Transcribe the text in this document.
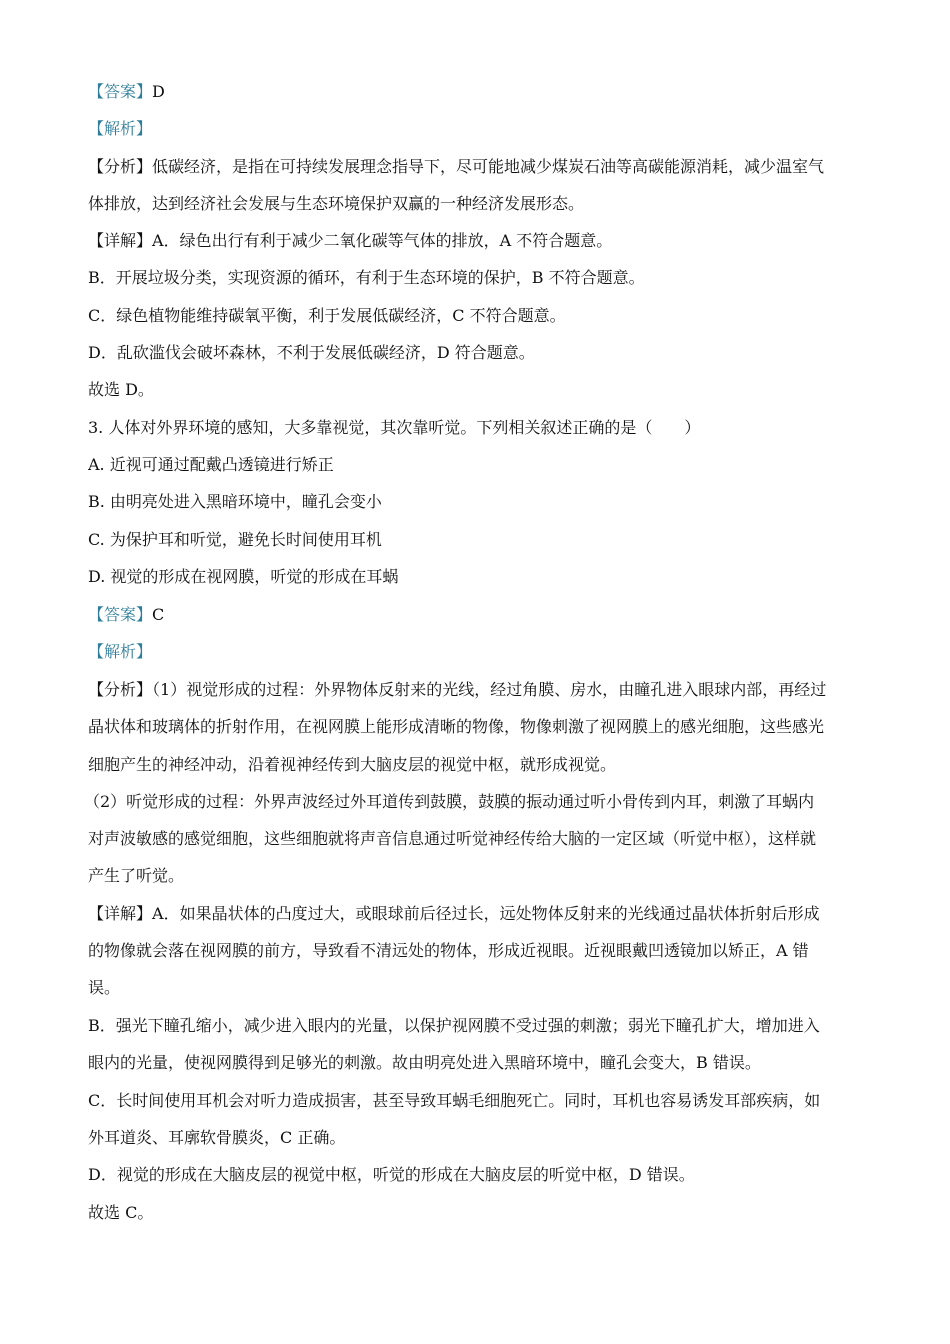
【答案】D
【解析】
【分析】低碳经济，是指在可持续发展理念指导下，尽可能地减少煤炭石油等高碳能源消耗，减少温室气
体排放，达到经济社会发展与生态环境保护双赢的一种经济发展形态。
【详解】A．绿色出行有利于减少二氧化碳等气体的排放，A 不符合题意。
B．开展垃圾分类，实现资源的循环，有利于生态环境的保护，B 不符合题意。
C．绿色植物能维持碳氧平衡，利于发展低碳经济，C 不符合题意。
D．乱砍滥伐会破坏森林，不利于发展低碳经济，D 符合题意。
故选 D。
3. 人体对外界环境的感知，大多靠视觉，其次靠听觉。下列相关叙述正确的是（　　）
A. 近视可通过配戴凸透镜进行矫正
B. 由明亮处进入黑暗环境中，瞳孔会变小
C. 为保护耳和听觉，避免长时间使用耳机
D. 视觉的形成在视网膜，听觉的形成在耳蜗
【答案】C
【解析】
【分析】（1）视觉形成的过程：外界物体反射来的光线，经过角膜、房水，由瞳孔进入眼球内部，再经过
晶状体和玻璃体的折射作用，在视网膜上能形成清晰的物像，物像刺激了视网膜上的感光细胞，这些感光
细胞产生的神经冲动，沿着视神经传到大脑皮层的视觉中枢，就形成视觉。
（2）听觉形成的过程：外界声波经过外耳道传到鼓膜，鼓膜的振动通过听小骨传到内耳，刺激了耳蜗内
对声波敏感的感觉细胞，这些细胞就将声音信息通过听觉神经传给大脑的一定区域（听觉中枢），这样就
产生了听觉。
【详解】A．如果晶状体的凸度过大，或眼球前后径过长，远处物体反射来的光线通过晶状体折射后形成
的物像就会落在视网膜的前方，导致看不清远处的物体，形成近视眼。近视眼戴凹透镜加以矫正，A 错
误。
B．强光下瞳孔缩小，减少进入眼内的光量，以保护视网膜不受过强的刺激；弱光下瞳孔扩大，增加进入
眼内的光量，使视网膜得到足够光的刺激。故由明亮处进入黑暗环境中，瞳孔会变大，B 错误。
C．长时间使用耳机会对听力造成损害，甚至导致耳蜗毛细胞死亡。同时，耳机也容易诱发耳部疾病，如
外耳道炎、耳廓软骨膜炎，C 正确。
D．视觉的形成在大脑皮层的视觉中枢，听觉的形成在大脑皮层的听觉中枢，D 错误。
故选 C。
